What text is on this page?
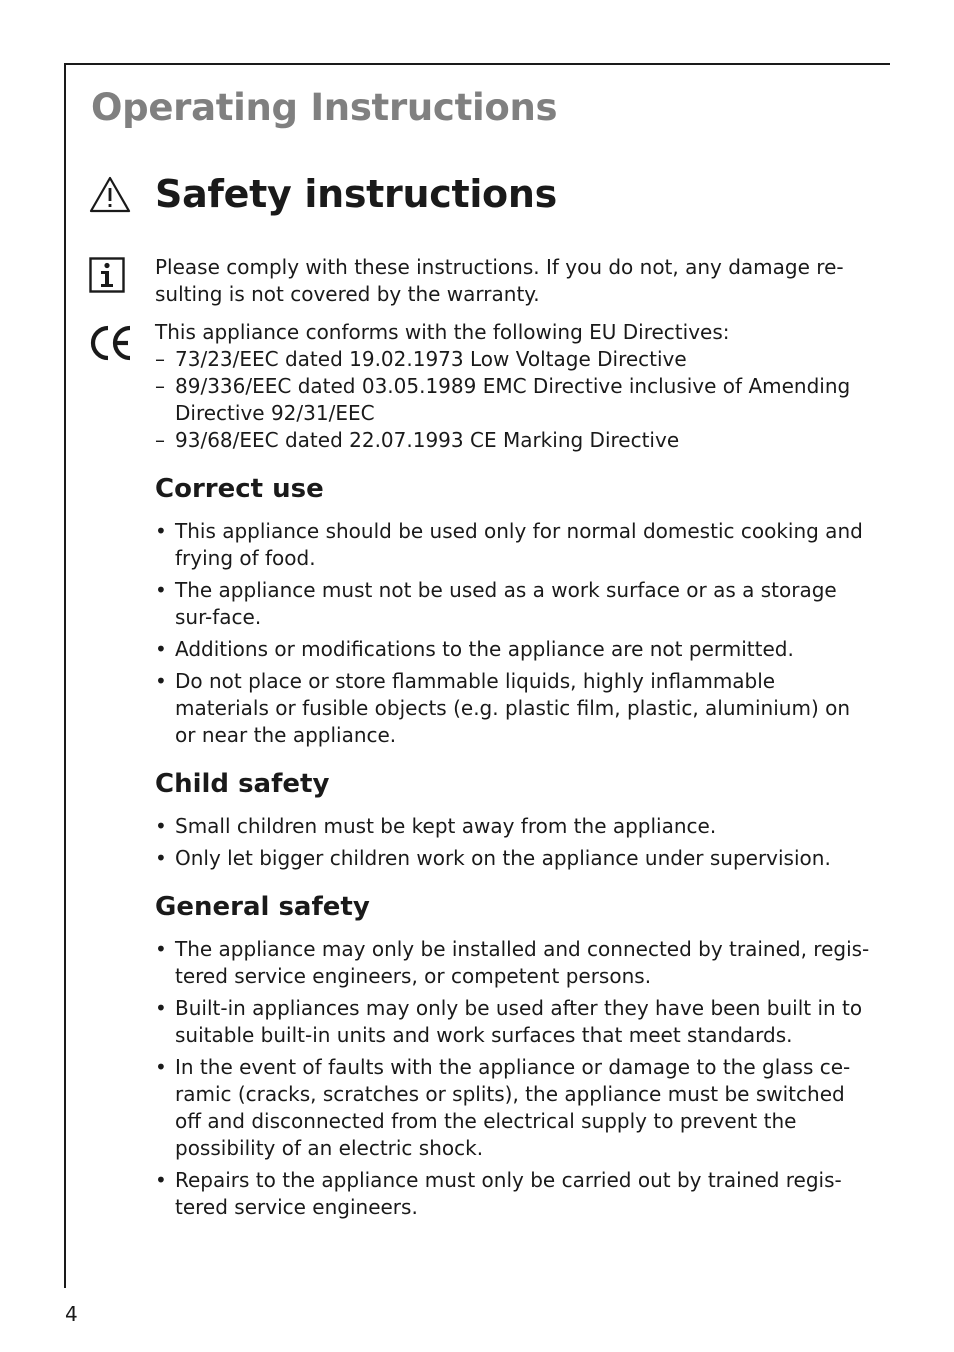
Operating Instructions
Safety instructions

Please comply with these instructions. If you do not, any damage re-sulting is not covered by the warranty.

This appliance conforms with the following EU Directives:

– 73/23/EEC dated 19.02.1973 Low Voltage Directive
– 89/336/EEC dated 03.05.1989 EMC Directive inclusive of Amending Directive 92/31/EEC
– 93/68/EEC dated 22.07.1993 CE Marking Directive
Correct use
• This appliance should be used only for normal domestic cooking and frying of food.
• The appliance must not be used as a work surface or as a storage sur-face.
• Additions or modifications to the appliance are not permitted.
• Do not place or store flammable liquids, highly inflammable materials or fusible objects (e.g. plastic film, plastic, aluminium) on or near the appliance.
Child safety
• Small children must be kept away from the appliance.
• Only let bigger children work on the appliance under supervision.
General safety
• The appliance may only be installed and connected by trained, regis-tered service engineers, or competent persons.
• Built-in appliances may only be used after they have been built in to suitable built-in units and work surfaces that meet standards.
• In the event of faults with the appliance or damage to the glass ce-ramic (cracks, scratches or splits), the appliance must be switched off and disconnected from the electrical supply to prevent the possibility of an electric shock.
• Repairs to the appliance must only be carried out by trained regis-tered service engineers.
4
